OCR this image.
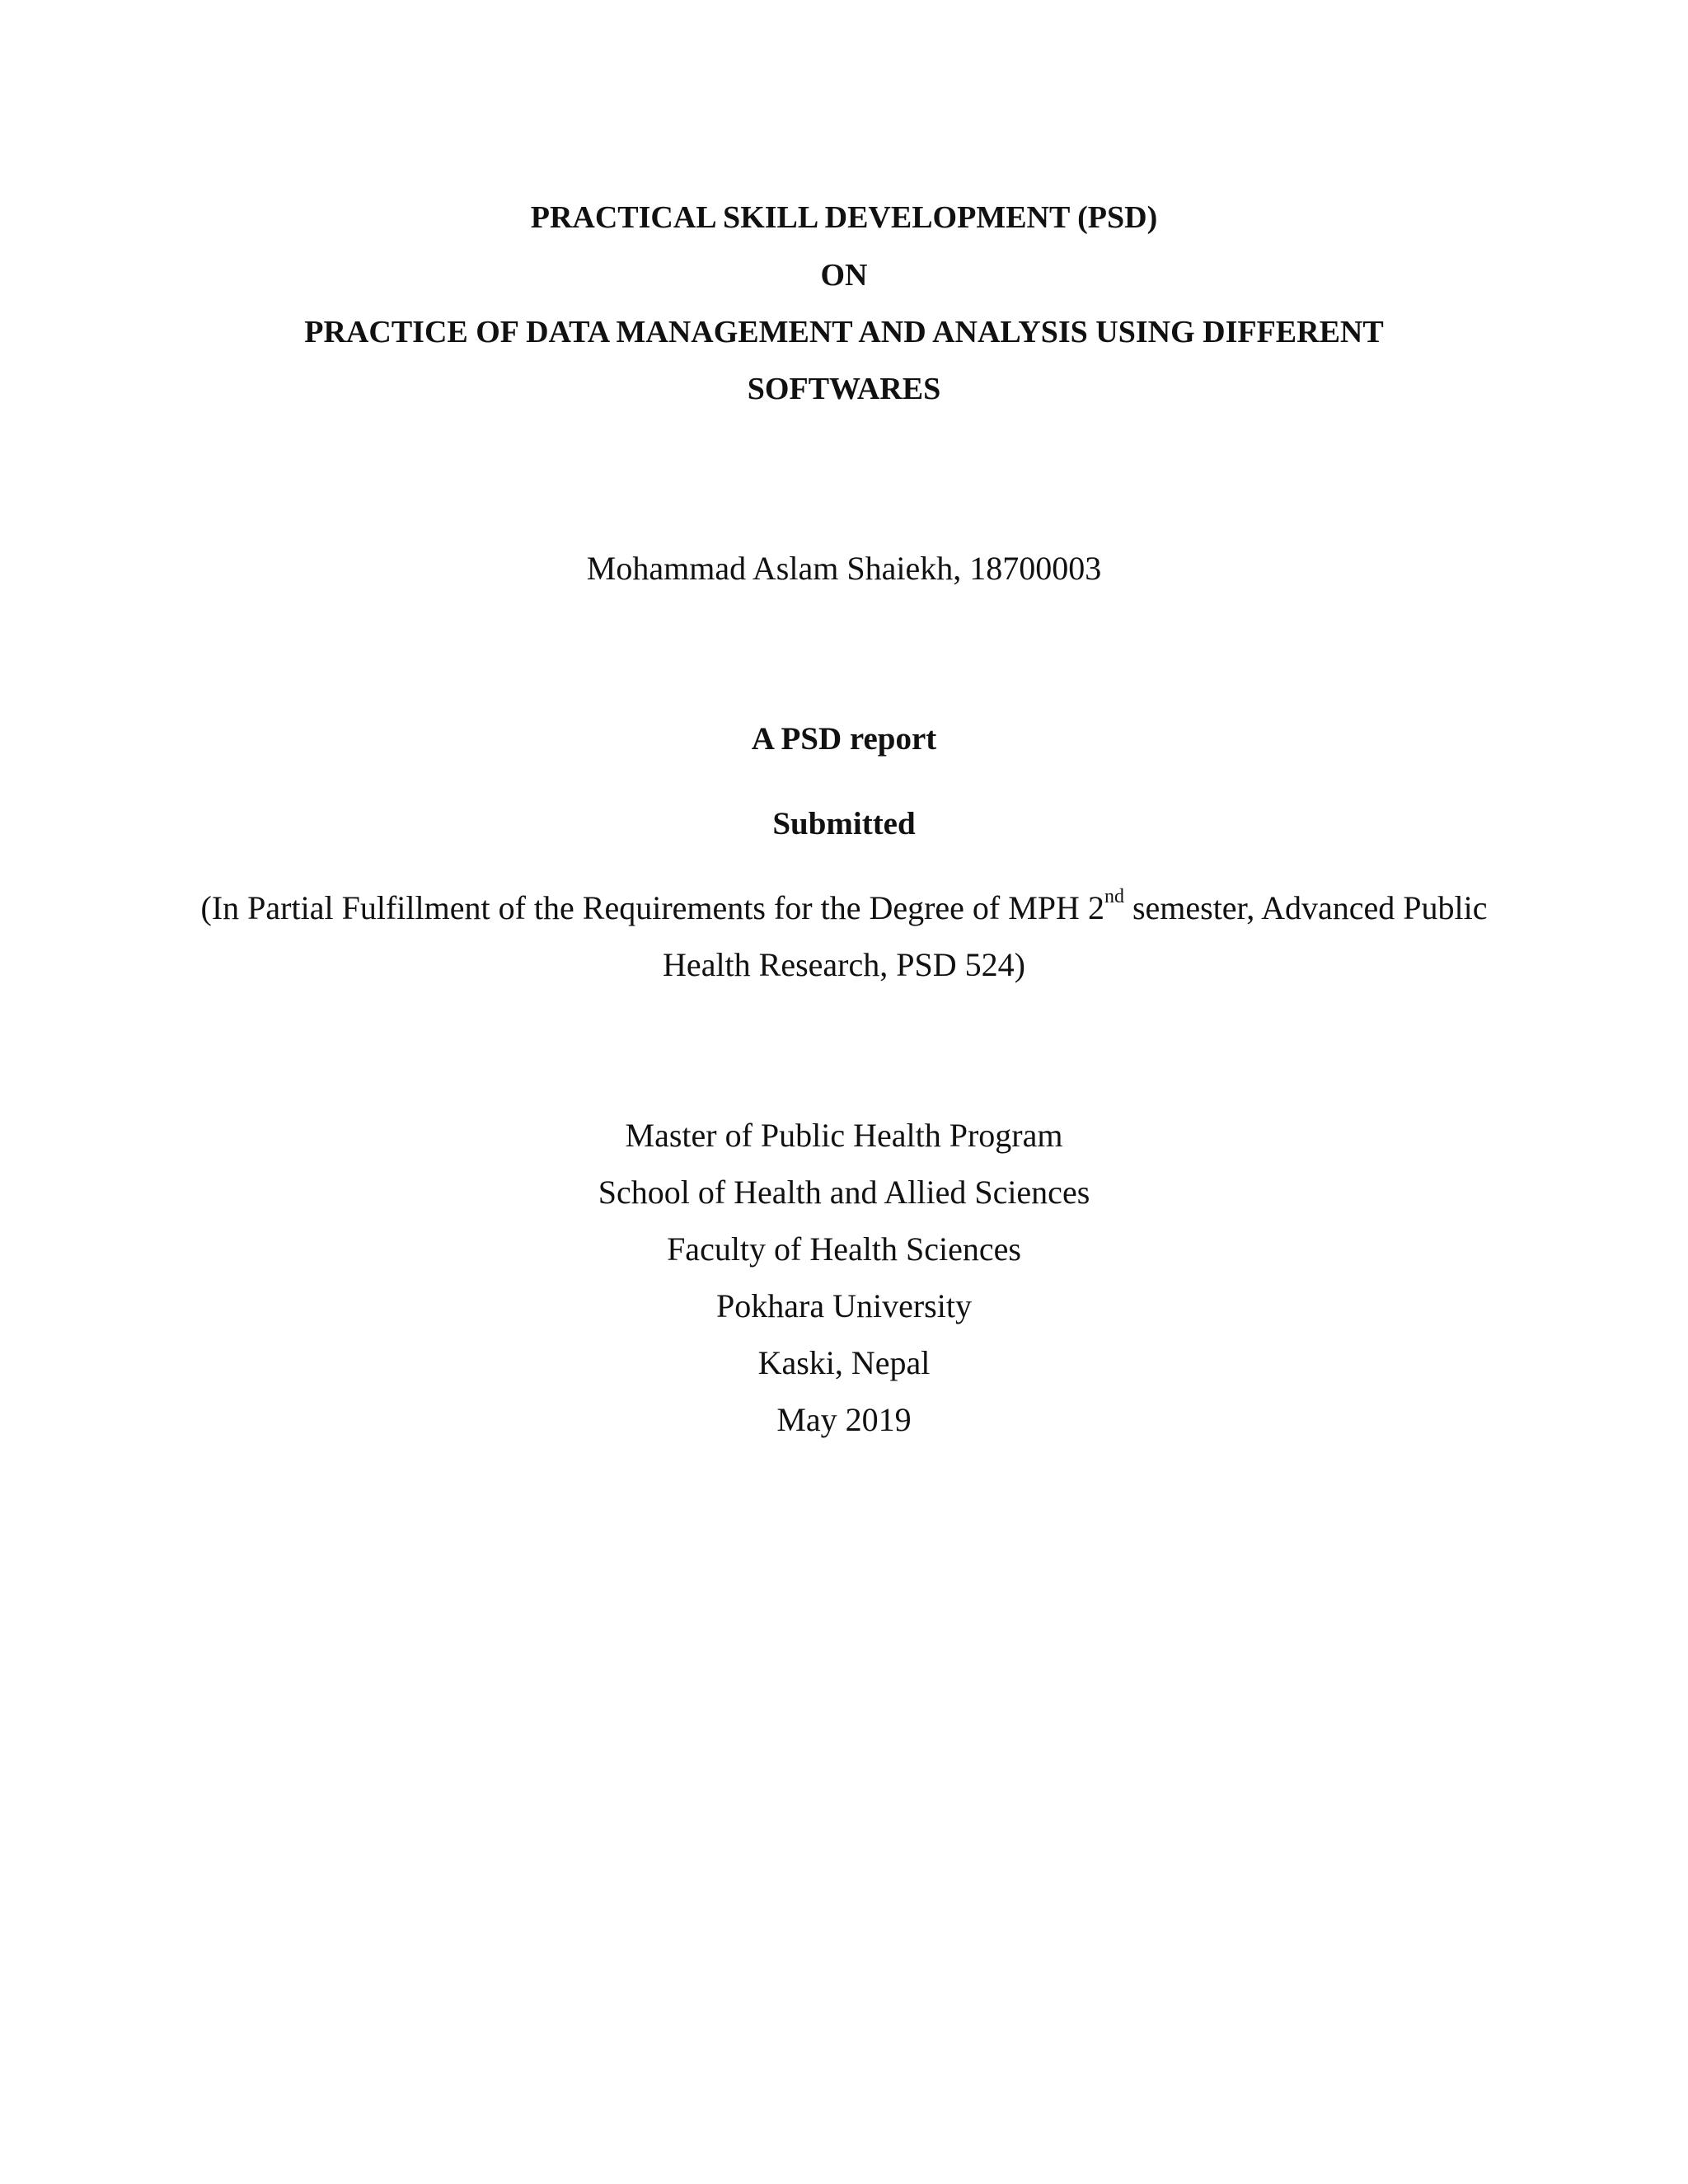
PRACTICAL SKILL DEVELOPMENT (PSD)
ON
PRACTICE OF DATA MANAGEMENT AND ANALYSIS USING DIFFERENT
SOFTWARES
Mohammad Aslam Shaiekh, 18700003
A PSD report
Submitted
(In Partial Fulfillment of the Requirements for the Degree of MPH 2nd semester, Advanced Public
Health Research, PSD 524)
Master of Public Health Program
School of Health and Allied Sciences
Faculty of Health Sciences
Pokhara University
Kaski, Nepal
May 2019
